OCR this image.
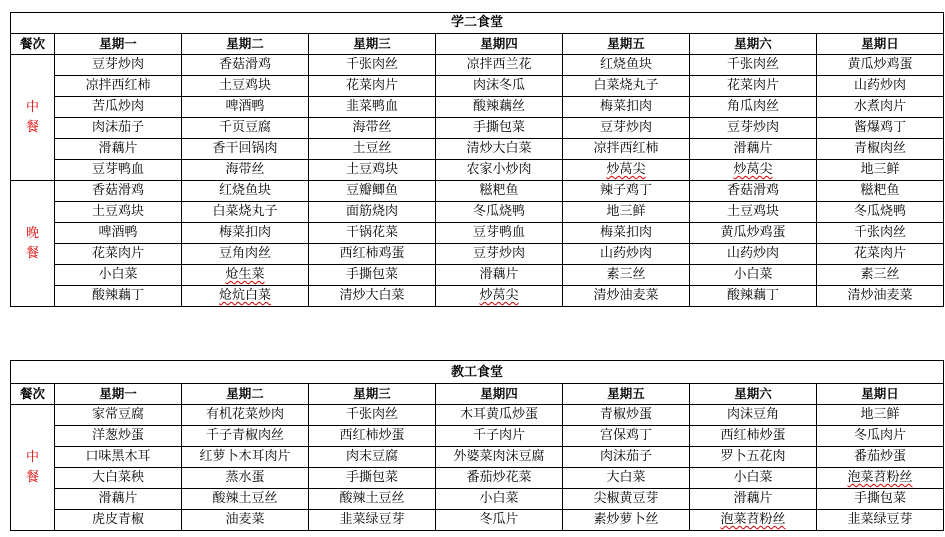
学二食堂							
餐次	星期一	星期二	星期三	星期四	星期五	星期六	星期日

中
餐	豆芽炒肉	香菇滑鸡	千张肉丝	凉拌西兰花	红烧鱼块	千张肉丝	黄瓜炒鸡蛋
	凉拌西红柿	土豆鸡块	花菜肉片	肉沫冬瓜	白菜烧丸子	花菜肉片	山药炒肉
	苦瓜炒肉	啤酒鸭	韭菜鸭血	酸辣藕丝	梅菜扣肉	角瓜肉丝	水煮肉片
	肉沫茄子	千页豆腐	海带丝	手撕包菜	豆芽炒肉	豆芽炒肉	酱爆鸡丁
	滑藕片	香干回锅肉	土豆丝	清炒大白菜	凉拌西红柿	滑藕片	青椒肉丝
	豆芽鸭血	海带丝	土豆鸡块	农家小炒肉	炒莴尖	炒莴尖	地三鲜

晚
餐	香菇滑鸡	红烧鱼块	豆瓣鲫鱼	糍粑鱼	辣子鸡丁	香菇滑鸡	糍粑鱼
	土豆鸡块	白菜烧丸子	面筋烧肉	冬瓜烧鸭	地三鲜	土豆鸡块	冬瓜烧鸭
	啤酒鸭	梅菜扣肉	干锅花菜	豆芽鸭血	梅菜扣肉	黄瓜炒鸡蛋	千张肉丝
	花菜肉片	豆角肉丝	西红柿鸡蛋	豆芽炒肉	山药炒肉	山药炒肉	花菜肉片
	小白菜	炝生菜	手撕包菜	滑藕片	素三丝	小白菜	素三丝
	酸辣藕丁	炝炕白菜	清炒大白菜	炒莴尖	清炒油麦菜	酸辣藕丁	清炒油麦菜
教工食堂							
餐次	星期一	星期二	星期三	星期四	星期五	星期六	星期日

中
餐	家常豆腐	有机花菜炒肉	千张肉丝	木耳黄瓜炒蛋	青椒炒蛋	肉沫豆角	地三鲜
	洋葱炒蛋	千子青椒肉丝	西红柿炒蛋	千子肉片	宫保鸡丁	西红柿炒蛋	冬瓜肉片
	口味黑木耳	红萝卜木耳肉片	肉末豆腐	外婆菜肉沫豆腐	肉沫茄子	罗卜五花肉	番茄炒蛋
	大白菜秧	蒸水蛋	手撕包菜	番茄炒花菜	大白菜	小白菜	泡菜苕粉丝
	滑藕片	酸辣土豆丝	酸辣土豆丝	小白菜	尖椒黄豆芽	滑藕片	手撕包菜
	虎皮青椒	油麦菜	韭菜绿豆芽	冬瓜片	素炒萝卜丝	泡菜苕粉丝	韭菜绿豆芽
